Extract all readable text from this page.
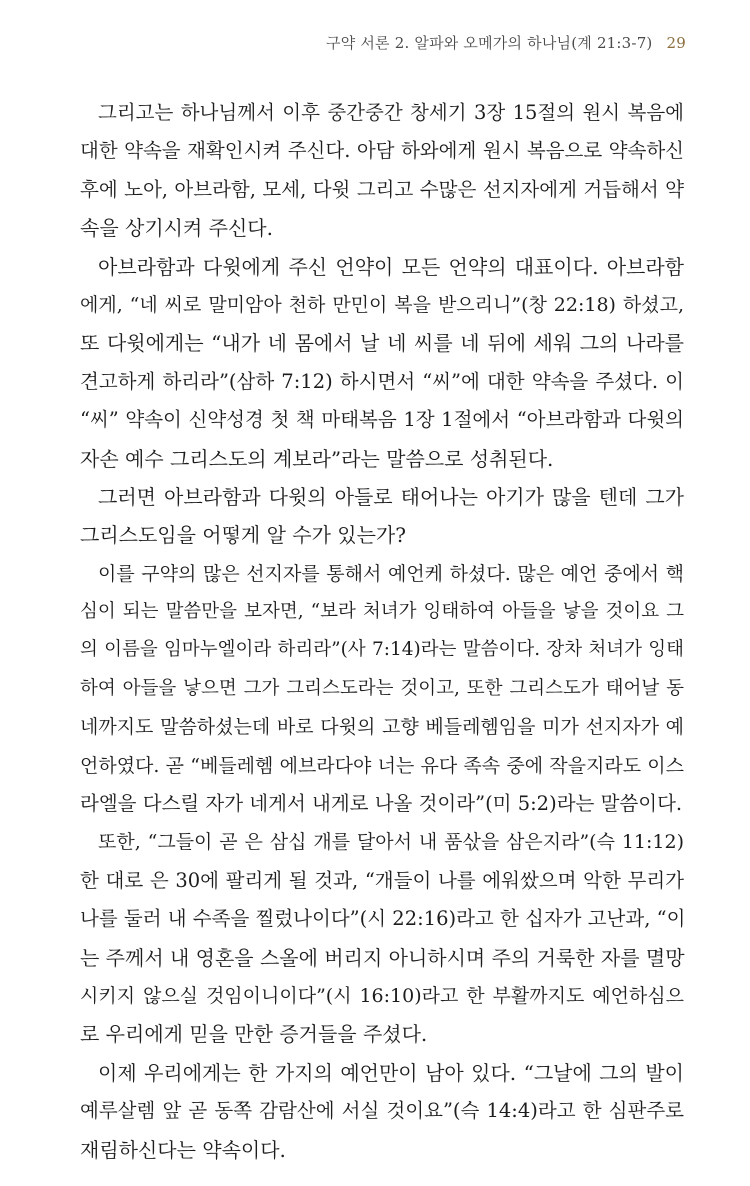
구약 서론 2. 알파와 오메가의 하나님(계 21:3-7) 29
그리고는 하나님께서 이후 중간중간 창세기 3장 15절의 원시 복음에
대한 약속을 재확인시켜 주신다. 아담 하와에게 원시 복음으로 약속하신
후에 노아, 아브라함, 모세, 다윗 그리고 수많은 선지자에게 거듭해서 약
속을 상기시켜 주신다.
아브라함과 다윗에게 주신 언약이 모든 언약의 대표이다. 아브라함
에게, “네 씨로 말미암아 천하 만민이 복을 받으리니”(창 22:18) 하셨고,
또 다윗에게는 “내가 네 몸에서 날 네 씨를 네 뒤에 세워 그의 나라를
견고하게 하리라”(삼하 7:12) 하시면서 “씨”에 대한 약속을 주셨다. 이
“씨” 약속이 신약성경 첫 책 마태복음 1장 1절에서 “아브라함과 다윗의
자손 예수 그리스도의 계보라”라는 말씀으로 성취된다.
그러면 아브라함과 다윗의 아들로 태어나는 아기가 많을 텐데 그가
그리스도임을 어떻게 알 수가 있는가?
이를 구약의 많은 선지자를 통해서 예언케 하셨다. 많은 예언 중에서 핵
심이 되는 말씀만을 보자면, “보라 처녀가 잉태하여 아들을 낳을 것이요 그
의 이름을 임마누엘이라 하리라”(사 7:14)라는 말씀이다. 장차 처녀가 잉태
하여 아들을 낳으면 그가 그리스도라는 것이고, 또한 그리스도가 태어날 동
네까지도 말씀하셨는데 바로 다윗의 고향 베들레헴임을 미가 선지자가 예
언하였다. 곧 “베들레헴 에브라다야 너는 유다 족속 중에 작을지라도 이스
라엘을 다스릴 자가 네게서 내게로 나올 것이라”(미 5:2)라는 말씀이다.
또한, “그들이 곧 은 삼십 개를 달아서 내 품삯을 삼은지라”(슥 11:12)
한 대로 은 30에 팔리게 될 것과, “개들이 나를 에워쌌으며 악한 무리가
나를 둘러 내 수족을 찔렀나이다”(시 22:16)라고 한 십자가 고난과, “이
는 주께서 내 영혼을 스올에 버리지 아니하시며 주의 거룩한 자를 멸망
시키지 않으실 것임이니이다”(시 16:10)라고 한 부활까지도 예언하심으
로 우리에게 믿을 만한 증거들을 주셨다.
이제 우리에게는 한 가지의 예언만이 남아 있다. “그날에 그의 발이
예루살렘 앞 곧 동쪽 감람산에 서실 것이요”(슥 14:4)라고 한 심판주로
재림하신다는 약속이다.
